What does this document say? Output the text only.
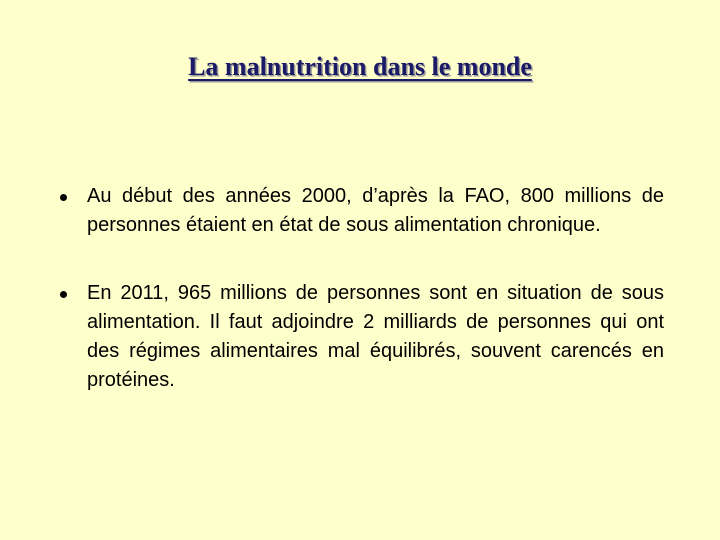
La malnutrition dans le monde
Au début des années 2000, d’après la FAO, 800 millions de personnes étaient en état de sous alimentation chronique.
En 2011, 965 millions de personnes sont en situation de sous alimentation. Il faut adjoindre 2 milliards de personnes qui ont des régimes alimentaires mal équilibrés, souvent carencés en protéines.
